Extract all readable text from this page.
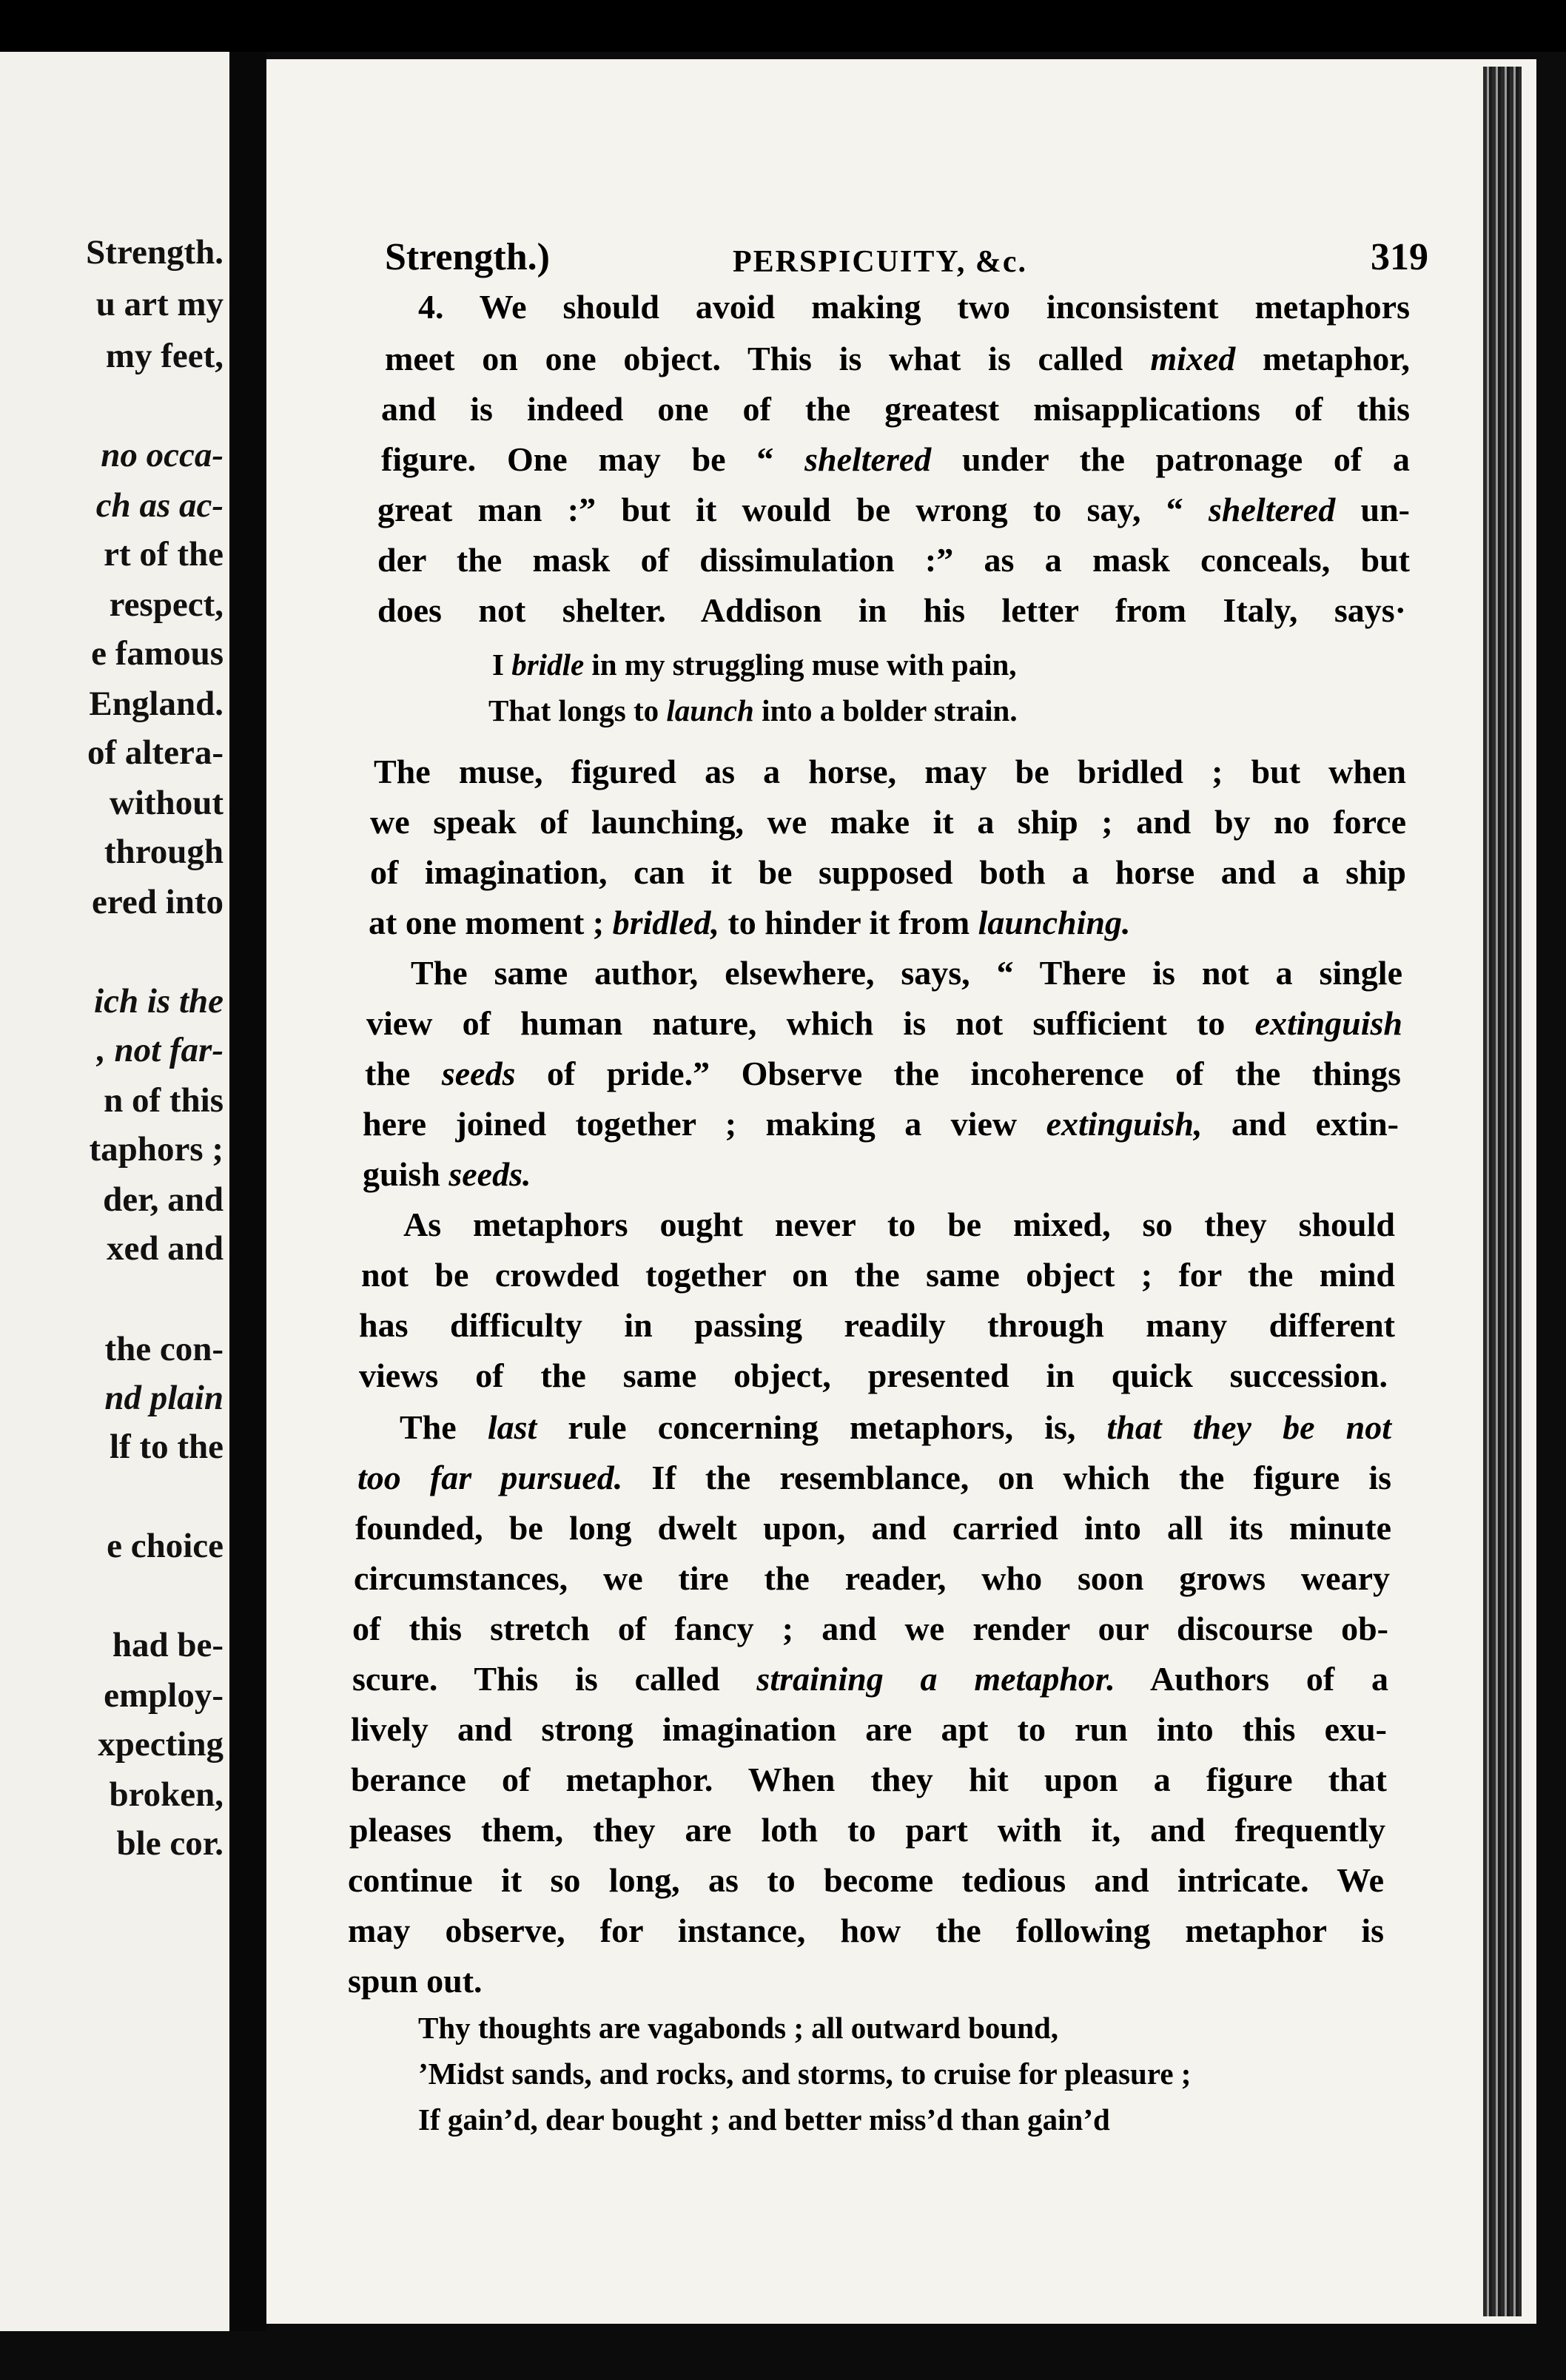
Strength.
u art my
my feet,
no occa-
ch as ac-
rt of the
respect,
e famous
England.
of altera-
without
through
ered into
ich is the
, not far-
n of this
taphors ;
der, and
xed and
the con-
nd plain
lf to the
e choice
had be-
employ-
xpecting
broken,
ble cor.
Strength.)	PERSPICUITY, &c.	319
4. We should avoid making two inconsistent metaphors
meet on one object. This is what is called mixed metaphor,
and is indeed one of the greatest misapplications of this
figure. One may be “ sheltered under the patronage of a
great man :” but it would be wrong to say, “ sheltered un-
der the mask of dissimulation :” as a mask conceals, but
does not shelter. Addison in his letter from Italy, says·
I bridle in my struggling muse with pain,
That longs to launch into a bolder strain.
The muse, figured as a horse, may be bridled ; but when
we speak of launching, we make it a ship ; and by no force
of imagination, can it be supposed both a horse and a ship
at one moment ; bridled, to hinder it from launching.
The same author, elsewhere, says, “ There is not a single
view of human nature, which is not sufficient to extinguish
the seeds of pride.” Observe the incoherence of the things
here joined together ; making a view extinguish, and extin-
guish seeds.
As metaphors ought never to be mixed, so they should
not be crowded together on the same object ; for the mind
has difficulty in passing readily through many different
views of the same object, presented in quick succession.
The last rule concerning metaphors, is, that they be not
too far pursued. If the resemblance, on which the figure is
founded, be long dwelt upon, and carried into all its minute
circumstances, we tire the reader, who soon grows weary
of this stretch of fancy ; and we render our discourse ob-
scure. This is called straining a metaphor. Authors of a
lively and strong imagination are apt to run into this exu-
berance of metaphor. When they hit upon a figure that
pleases them, they are loth to part with it, and frequently
continue it so long, as to become tedious and intricate. We
may observe, for instance, how the following metaphor is
spun out.
Thy thoughts are vagabonds ; all outward bound,
’Midst sands, and rocks, and storms, to cruise for pleasure ;
If gain’d, dear bought ; and better miss’d than gain’d
